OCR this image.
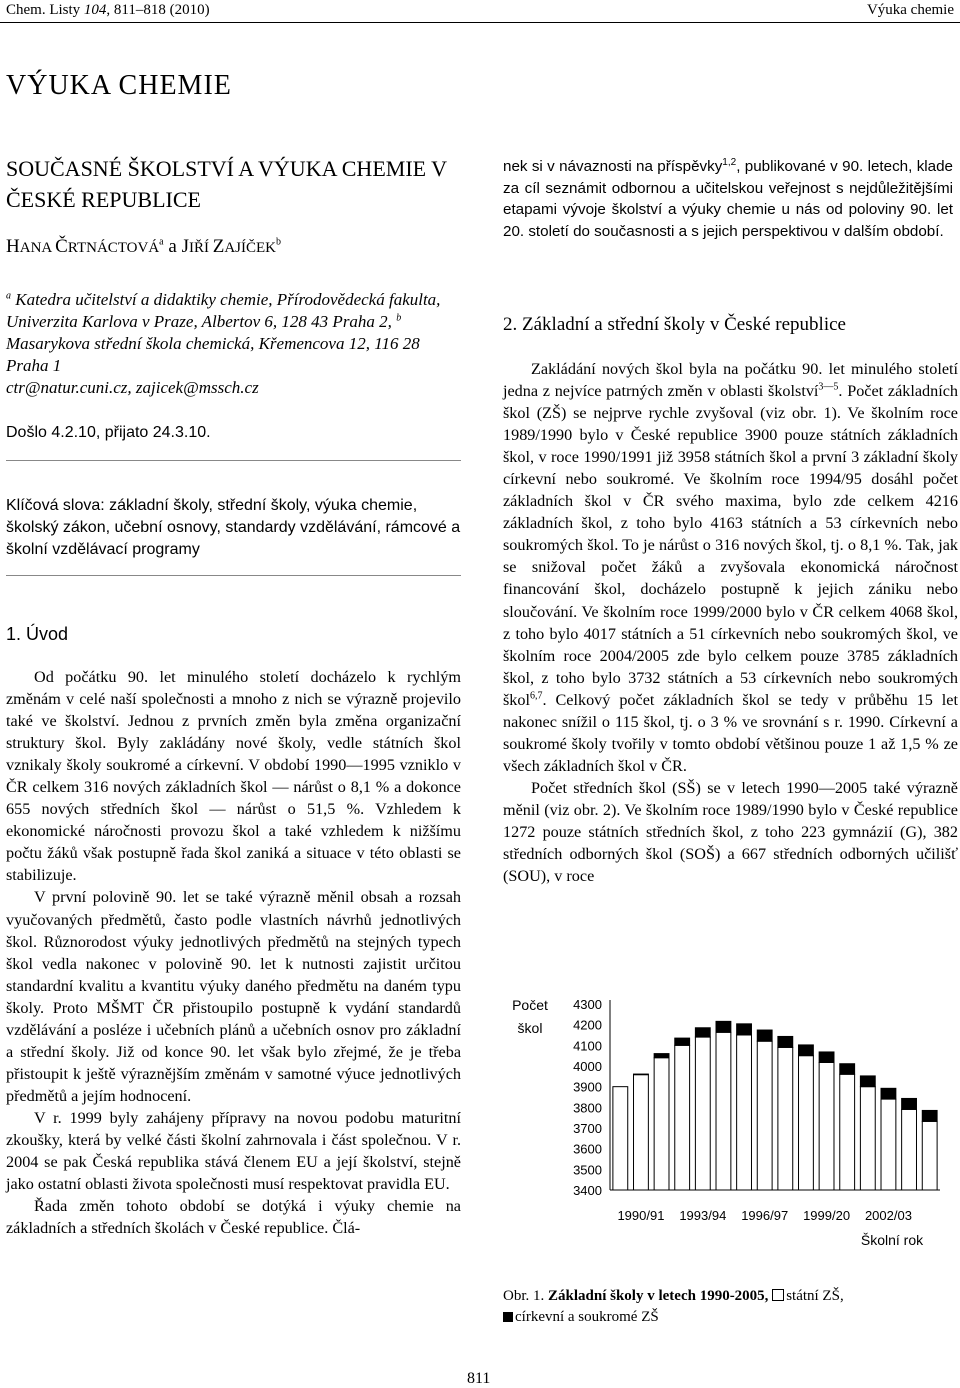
Chem. Listy 104, 811–818 (2010)	Výuka chemie
VÝUKA CHEMIE
SOUČASNÉ ŠKOLSTVÍ A VÝUKA CHEMIE V ČESKÉ REPUBLICE
HANA ČRTNÁCTOVÁ$^a$ a JIŘÍ ZAJÍČEK$^b$
$^a$ Katedra učitelství a didaktiky chemie, Přírodovědecká fakulta, Univerzita Karlova v Praze, Albertov 6, 128 43 Praha 2, $^b$ Masarykova střední škola chemická, Křemencova 12, 116 28 Praha 1
ctr@natur.cuni.cz, zajicek@mssch.cz
Došlo 4.2.10, přijato 24.3.10.
Klíčová slova: základní školy, střední školy, výuka chemie, školský zákon, učební osnovy, standardy vzdělávání, rámcové a školní vzdělávací programy
1. Úvod

Od počátku 90. let minulého století docházelo k rychlým změnám v celé naší společnosti a mnoho z nich se výrazně projevilo také ve školství. Jednou z prvních změn byla změna organizační struktury škol. Byly zakládány nové školy, vedle státních škol vznikaly školy soukromé a církevní. V období 1990—1995 vzniklo v ČR celkem 316 nových základních škol — nárůst o 8,1 % a dokonce 655 nových středních škol — nárůst o 51,5 %. Vzhledem k ekonomické náročnosti provozu škol a také vzhledem k nižšímu počtu žáků však postupně řada škol zaniká a situace v této oblasti se stabilizuje.

V první polovině 90. let se také výrazně měnil obsah a rozsah vyučovaných předmětů, často podle vlastních návrhů jednotlivých škol. Různorodost výuky jednotlivých předmětů na stejných typech škol vedla nakonec v polovině 90. let k nutnosti zajistit určitou standardní kvalitu a kvantitu výuky daného předmětu na daném typu školy. Proto MŠMT ČR přistoupilo postupně k vydání standardů vzdělávání a posléze i učebních plánů a učebních osnov pro základní a střední školy. Již od konce 90. let však bylo zřejmé, že je třeba přistoupit k ještě výraznějším změnám v samotné výuce jednotlivých předmětů a jejím hodnocení.

V r. 1999 byly zahájeny přípravy na novou podobu maturitní zkoušky, která by velké části školní zahrnovala i část společnou. V r. 2004 se pak Česká republika stává členem EU a její školství, stejně jako ostatní oblasti života společnosti musí respektovat pravidla EU.

Řada změn tohoto období se dotýká i výuky chemie na základních a středních školách v České republice. Člá-

nek si v návaznosti na příspěvky$^{1,2}$, publikované v 90. letech, klade za cíl seznámit odbornou a učitelskou veřejnost s nejdůležitějšími etapami vývoje školství a výuky chemie u nás od poloviny 90. let 20. století do současnosti a s jejich perspektivou v dalším období.

2. Základní a střední školy v České republice

Zakládání nových škol byla na počátku 90. let minulého století jedna z nejvíce patrných změn v oblasti školství$^{3—5}$. Počet základních škol (ZŠ) se nejprve rychle zvyšoval (viz obr. 1). Ve školním roce 1989/1990 bylo v České republice 3900 pouze státních základních škol, v roce 1990/1991 již 3958 státních škol a první 3 základní školy církevní nebo soukromé. Ve školním roce 1994/95 dosáhl počet základních škol v ČR svého maxima, bylo zde celkem 4216 základních škol, z toho bylo 4163 státních a 53 církevních nebo soukromých škol. To je nárůst o 316 nových škol, tj. o 8,1 %. Tak, jak se snižoval počet žáků a zvyšovala ekonomická náročnost financování škol, docházelo postupně k jejich zániku nebo sloučování. Ve školním roce 1999/2000 bylo v ČR celkem 4068 škol, z toho bylo 4017 státních a 51 církevních nebo soukromých škol, ve školním roce 2004/2005 zde bylo celkem pouze 3785 základních škol, z toho bylo 3732 státních a 53 církevních nebo soukromých škol$^{6,7}$. Celkový počet základních škol se tedy v průběhu 15 let nakonec snížil o 115 škol, tj. o 3 % ve srovnání s r. 1990. Církevní a soukromé školy tvořily v tomto období většinou pouze 1 až 1,5 % ze všech základních škol v ČR.

Počet středních škol (SŠ) se v letech 1990—2005 také výrazně měnil (viz obr. 2). Ve školním roce 1989/1990 bylo v České republice 1272 pouze státních středních škol, z toho 223 gymnázií (G), 382 středních odborných škol (SOŠ) a 667 středních odborných učilišť (SOU), v roce

Počet
škol
4300
4200
4100
4000
3900
3800
3700
3600
3500
3400
1990/91 1993/94 1996/97 1999/20 2002/03
Školní rok
Obr. 1. Základní školy v letech 1990-2005, státní ZŠ,
církevní a soukromé ZŠ
811
